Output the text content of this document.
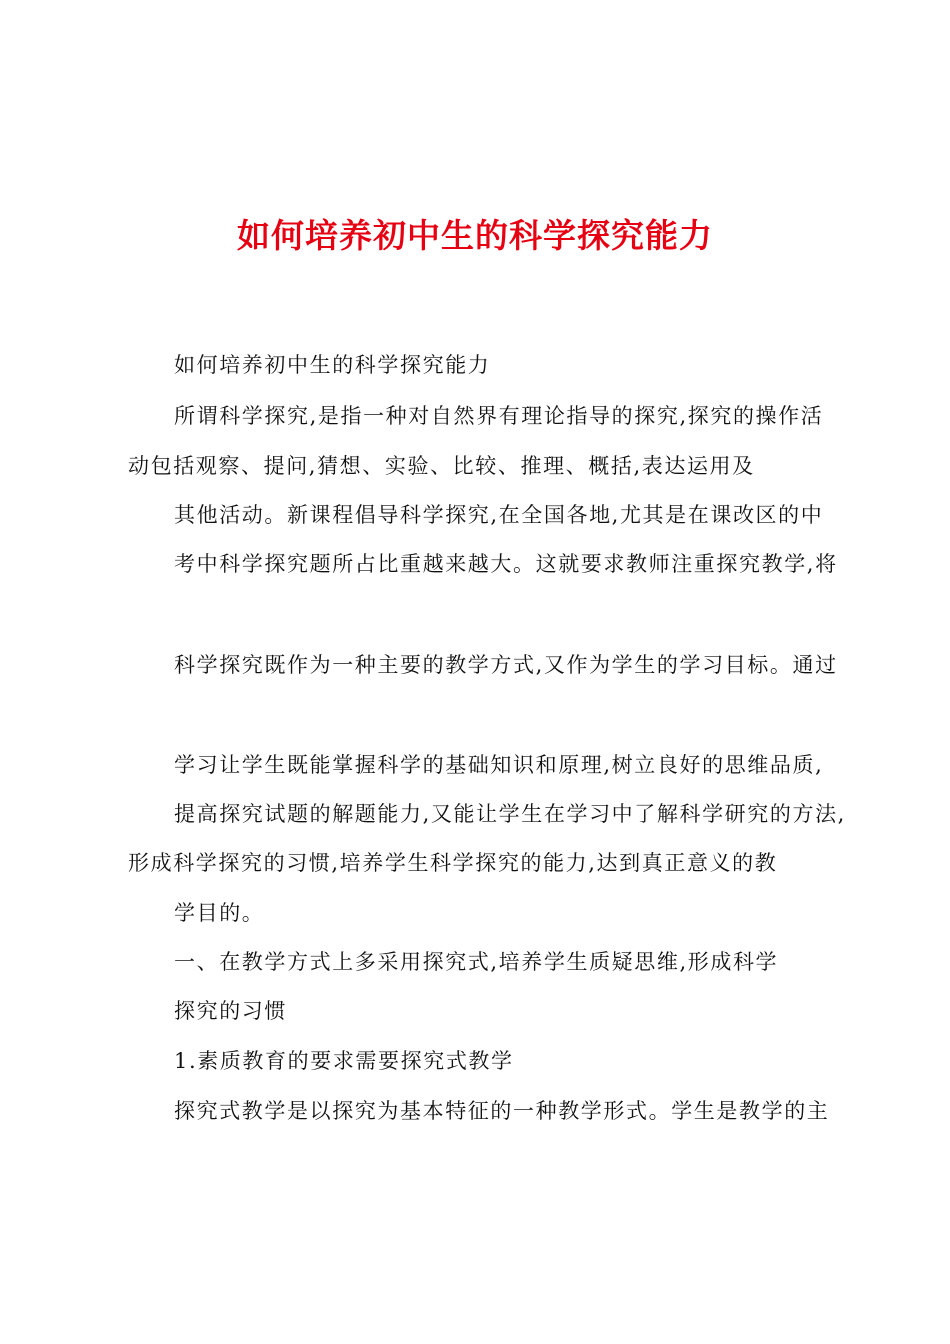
如何培养初中生的科学探究能力
如何培养初中生的科学探究能力
所谓科学探究,是指一种对自然界有理论指导的探究,探究的操作活
动包括观察、提问,猜想、实验、比较、推理、概括,表达运用及
其他活动。新课程倡导科学探究,在全国各地,尤其是在课改区的中
考中科学探究题所占比重越来越大。这就要求教师注重探究教学,将
科学探究既作为一种主要的教学方式,又作为学生的学习目标。通过
学习让学生既能掌握科学的基础知识和原理,树立良好的思维品质,
提高探究试题的解题能力,又能让学生在学习中了解科学研究的方法,
形成科学探究的习惯,培养学生科学探究的能力,达到真正意义的教
学目的。
一、在教学方式上多采用探究式,培养学生质疑思维,形成科学
探究的习惯
1.素质教育的要求需要探究式教学
探究式教学是以探究为基本特征的一种教学形式。学生是教学的主
